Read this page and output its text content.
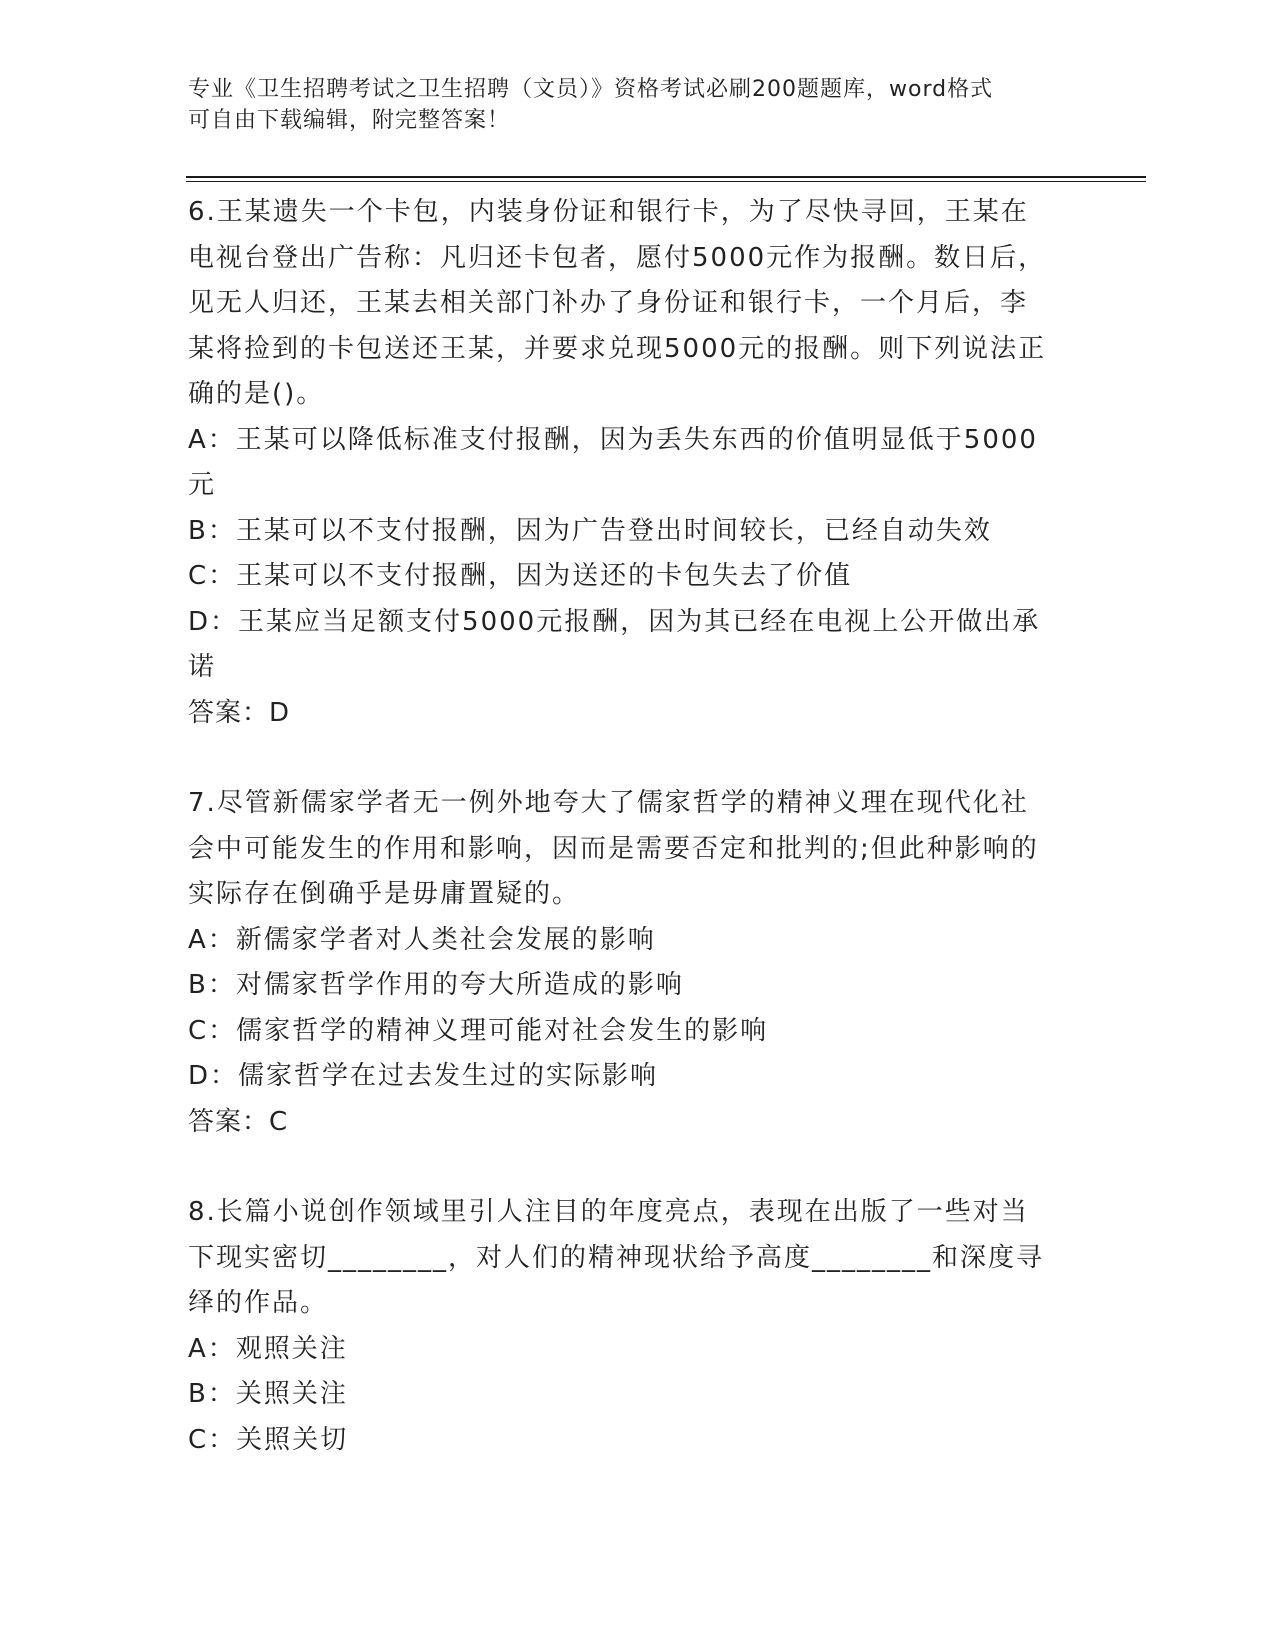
专业《卫生招聘考试之卫生招聘（文员）》资格考试必刷200题题库，word格式
可自由下载编辑，附完整答案！
6.王某遗失一个卡包，内装身份证和银行卡，为了尽快寻回，王某在
电视台登出广告称：凡归还卡包者，愿付5000元作为报酬。数日后，
见无人归还，王某去相关部门补办了身份证和银行卡，一个月后，李
某将捡到的卡包送还王某，并要求兑现5000元的报酬。则下列说法正
确的是()。
A：王某可以降低标准支付报酬，因为丢失东西的价值明显低于5000
元
B：王某可以不支付报酬，因为广告登出时间较长，已经自动失效
C：王某可以不支付报酬，因为送还的卡包失去了价值
D：王某应当足额支付5000元报酬，因为其已经在电视上公开做出承
诺
答案：D
7.尽管新儒家学者无一例外地夸大了儒家哲学的精神义理在现代化社
会中可能发生的作用和影响，因而是需要否定和批判的;但此种影响的
实际存在倒确乎是毋庸置疑的。
A：新儒家学者对人类社会发展的影响
B：对儒家哲学作用的夸大所造成的影响
C：儒家哲学的精神义理可能对社会发生的影响
D：儒家哲学在过去发生过的实际影响
答案：C
8.长篇小说创作领域里引人注目的年度亮点，表现在出版了一些对当
下现实密切________，对人们的精神现状给予高度________和深度寻
绎的作品。
A：观照关注
B：关照关注
C：关照关切
